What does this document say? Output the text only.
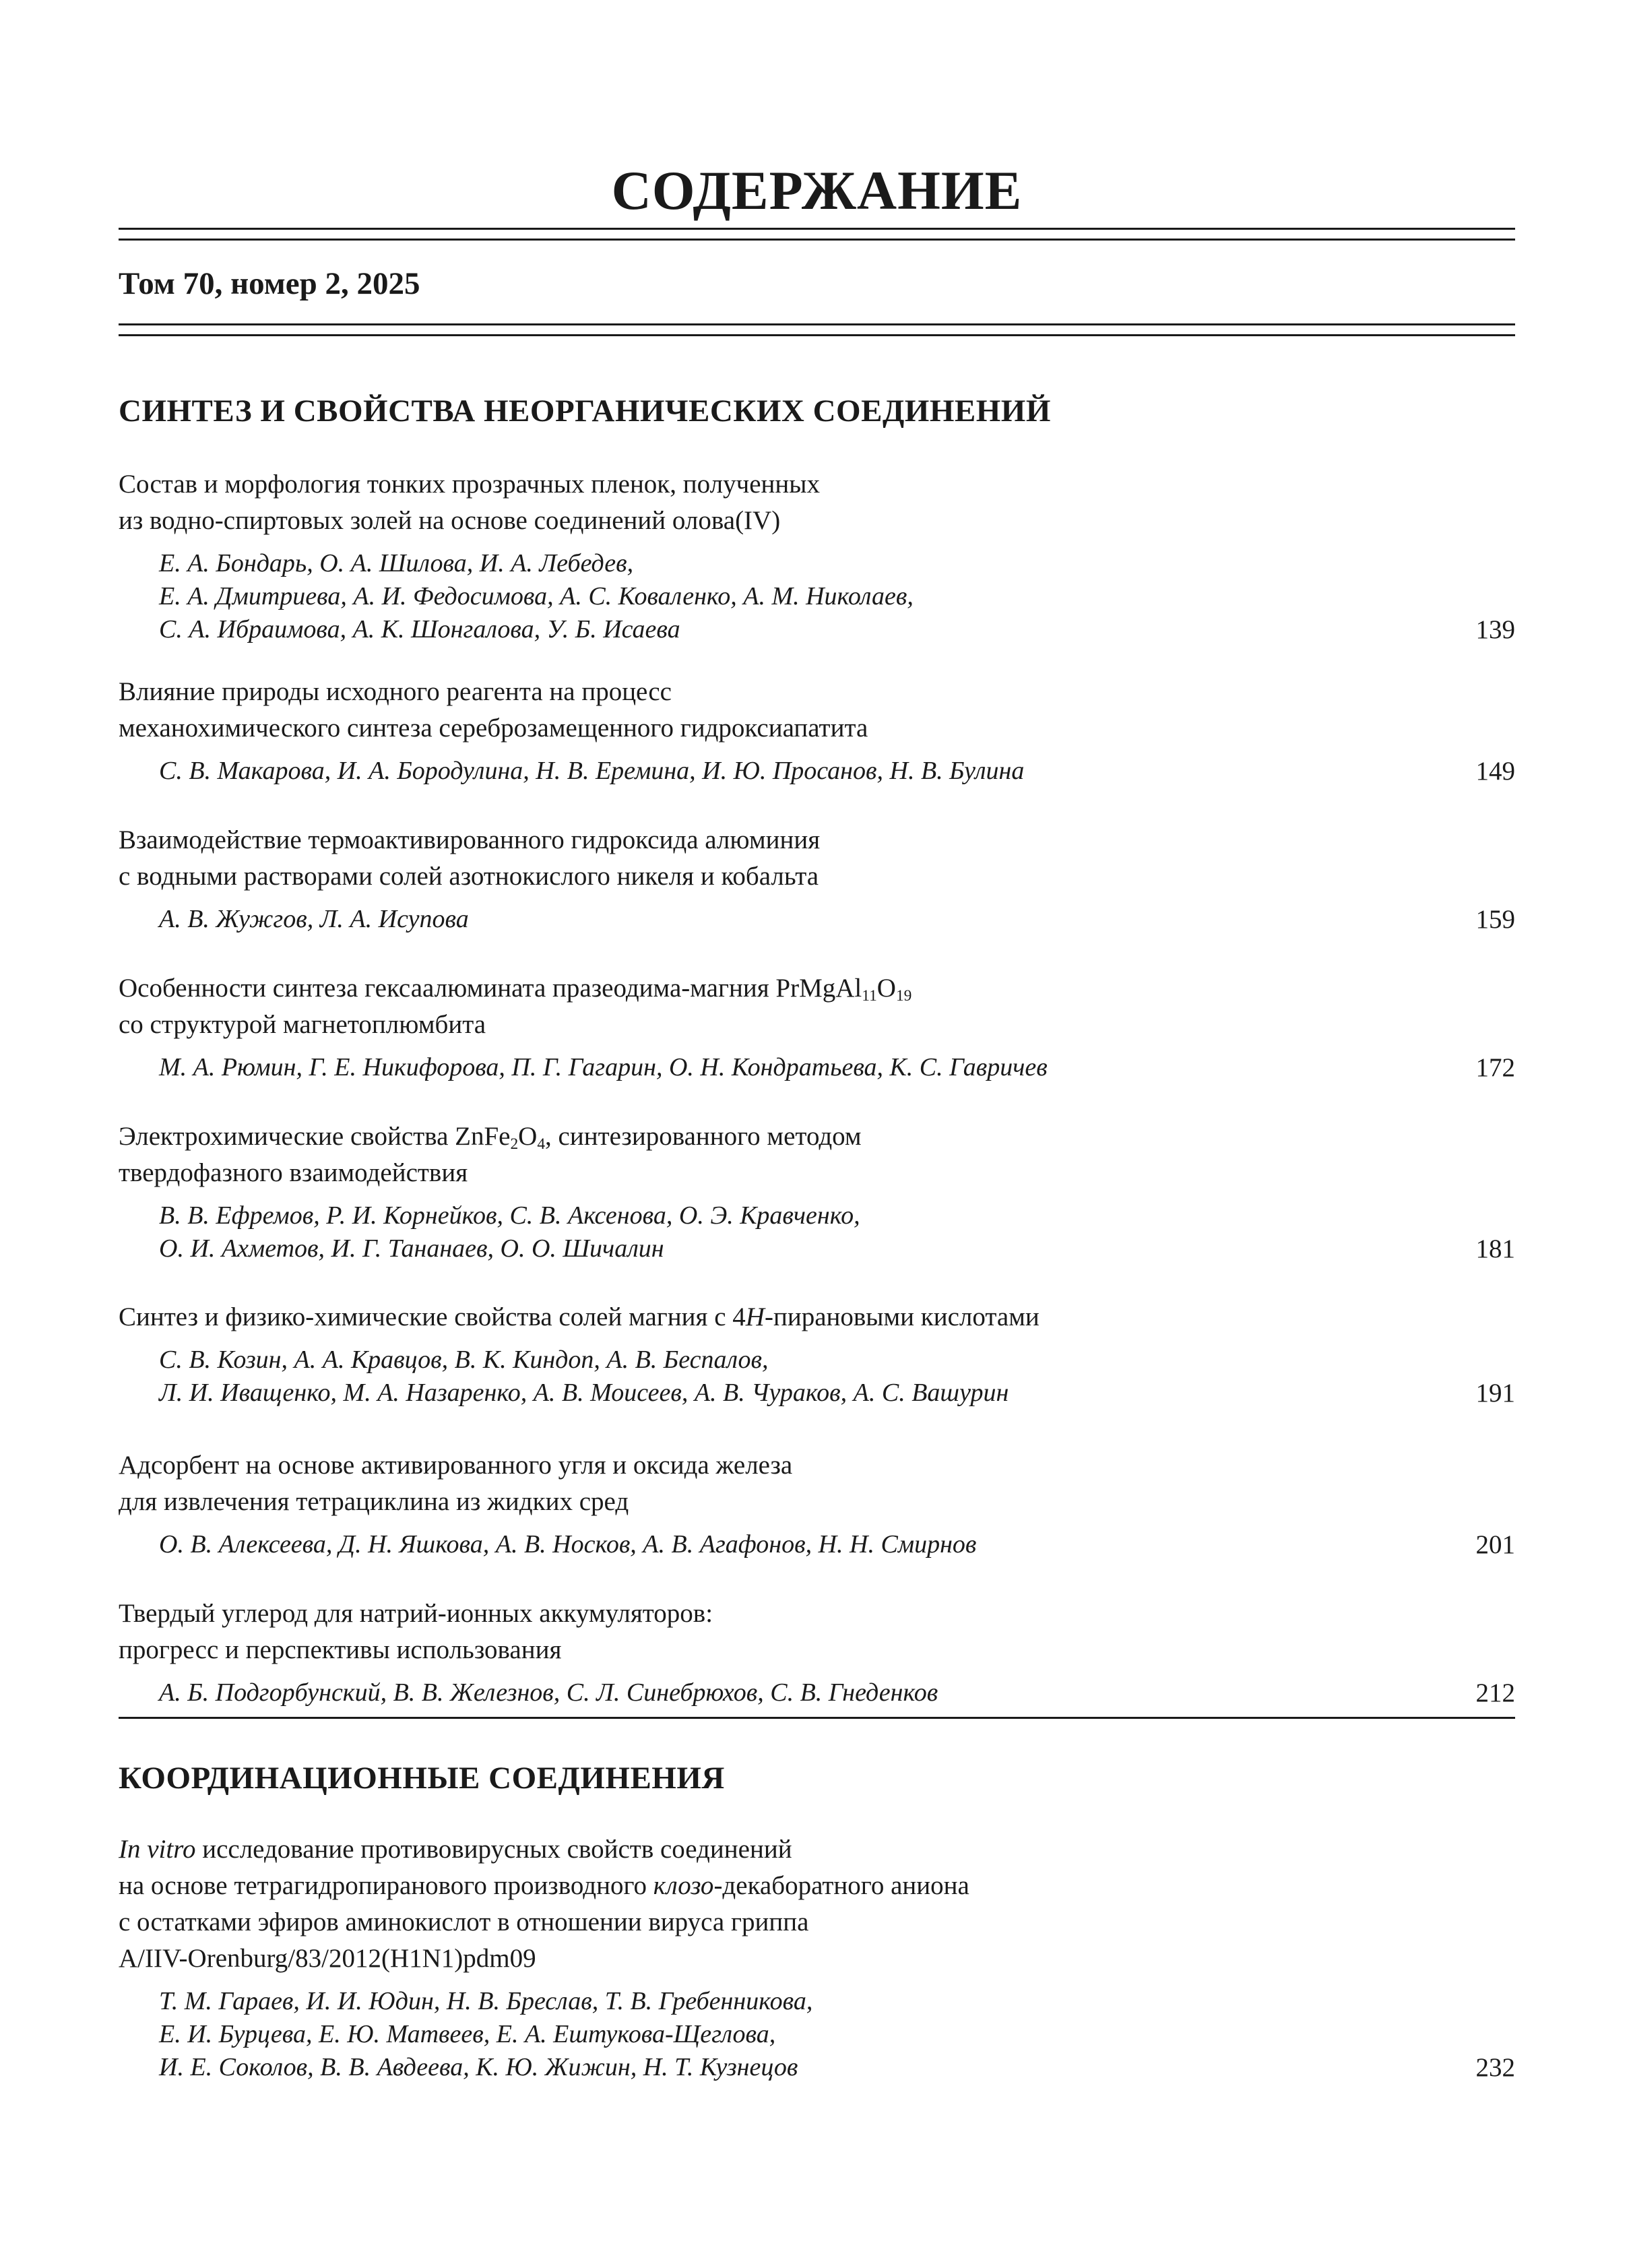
СОДЕРЖАНИЕ
Том 70, номер 2, 2025
СИНТЕЗ И СВОЙСТВА НЕОРГАНИЧЕСКИХ СОЕДИНЕНИЙ
Состав и морфология тонких прозрачных пленок, полученных
из водно-спиртовых золей на основе соединений олова(IV)
Е. А. Бондарь, О. А. Шилова, И. А. Лебедев,
Е. А. Дмитриева, А. И. Федосимова, А. С. Коваленко, А. М. Николаев,
С. А. Ибраимова, А. К. Шонгалова, У. Б. Исаева	139
Влияние природы исходного реагента на процесс
механохимического синтеза сереброзамещенного гидроксиапатита
С. В. Макарова, И. А. Бородулина, Н. В. Еремина, И. Ю. Просанов, Н. В. Булина	149
Взаимодействие термоактивированного гидроксида алюминия
с водными растворами солей азотнокислого никеля и кобальта
А. В. Жужгов, Л. А. Исупова	159
Особенности синтеза гексаалюмината празеодима-магния $PrMgAl_{11}O_{19}$
со структурой магнетоплюмбита
М. А. Рюмин, Г. Е. Никифорова, П. Г. Гагарин, О. Н. Кондратьева, К. С. Гавричев	172
Электрохимические свойства $ZnFe_2O_4$, синтезированного методом
твердофазного взаимодействия
В. В. Ефремов, Р. И. Корнейков, С. В. Аксенова, О. Э. Кравченко,
О. И. Ахметов, И. Г. Тананаев, О. О. Шичалин	181
Синтез и физико-химические свойства солей магния с 4H-пирановыми кислотами
С. В. Козин, А. А. Кравцов, В. К. Киндоп, А. В. Беспалов,
Л. И. Иващенко, М. А. Назаренко, А. В. Моисеев, А. В. Чураков, А. С. Вашурин	191
Адсорбент на основе активированного угля и оксида железа
для извлечения тетрациклина из жидких сред
О. В. Алексеева, Д. Н. Яшкова, А. В. Носков, А. В. Агафонов, Н. Н. Смирнов	201
Твердый углерод для натрий-ионных аккумуляторов:
прогресс и перспективы использования
А. Б. Подгорбунский, В. В. Железнов, С. Л. Синебрюхов, С. В. Гнеденков	212
КООРДИНАЦИОННЫЕ СОЕДИНЕНИЯ
In vitro исследование противовирусных свойств соединений
на основе тетрагидропиранового производного клозо-декаборатного аниона
с остатками эфиров аминокислот в отношении вируса гриппа
A/IIV-Orenburg/83/2012(H1N1)pdm09
Т. М. Гараев, И. И. Юдин, Н. В. Бреслав, Т. В. Гребенникова,
Е. И. Бурцева, Е. Ю. Матвеев, Е. А. Ештукова-Щеглова,
И. Е. Соколов, В. В. Авдеева, К. Ю. Жижин, Н. Т. Кузнецов	232
